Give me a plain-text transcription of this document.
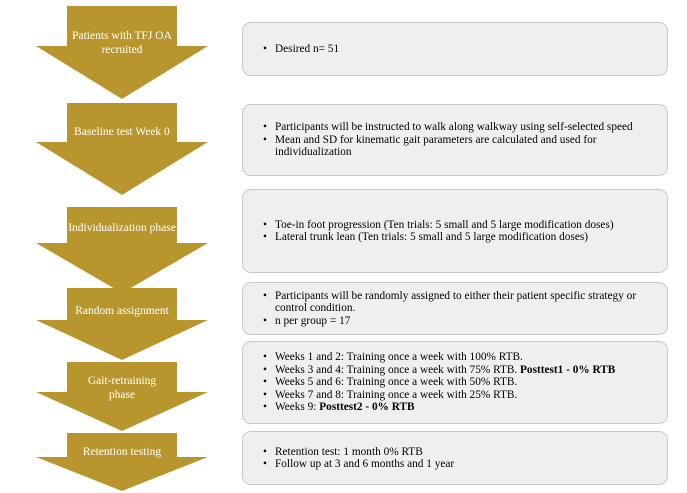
Patients with TFJ OA recruited	• Desired n= 51
Baseline test Week 0	• Participants will be instructed to walk along walkway using self-selected speed
• Mean and SD for kinematic gait parameters are calculated and used for individualization
Individualization phase	• Toe-in foot progression (Ten trials: 5 small and 5 large modification doses)
• Lateral trunk lean (Ten trials: 5 small and 5 large modification doses)
Random assignment
• Participants will be randomly assigned to either their patient specific strategy or control condition.
• n per group = 17
Gait-retraining phase
• Weeks 1 and 2: Training once a week with 100% RTB.
• Weeks 3 and 4: Training once a week with 75% RTB. Posttest1 - 0% RTB
• Weeks 5 and 6: Training once a week with 50% RTB.
• Weeks 7 and 8: Training once a week with 25% RTB.
• Weeks 9: Posttest2 - 0% RTB
Retention testing	• Retention test: 1 month 0% RTB
• Follow up at 3 and 6 months and 1 year
